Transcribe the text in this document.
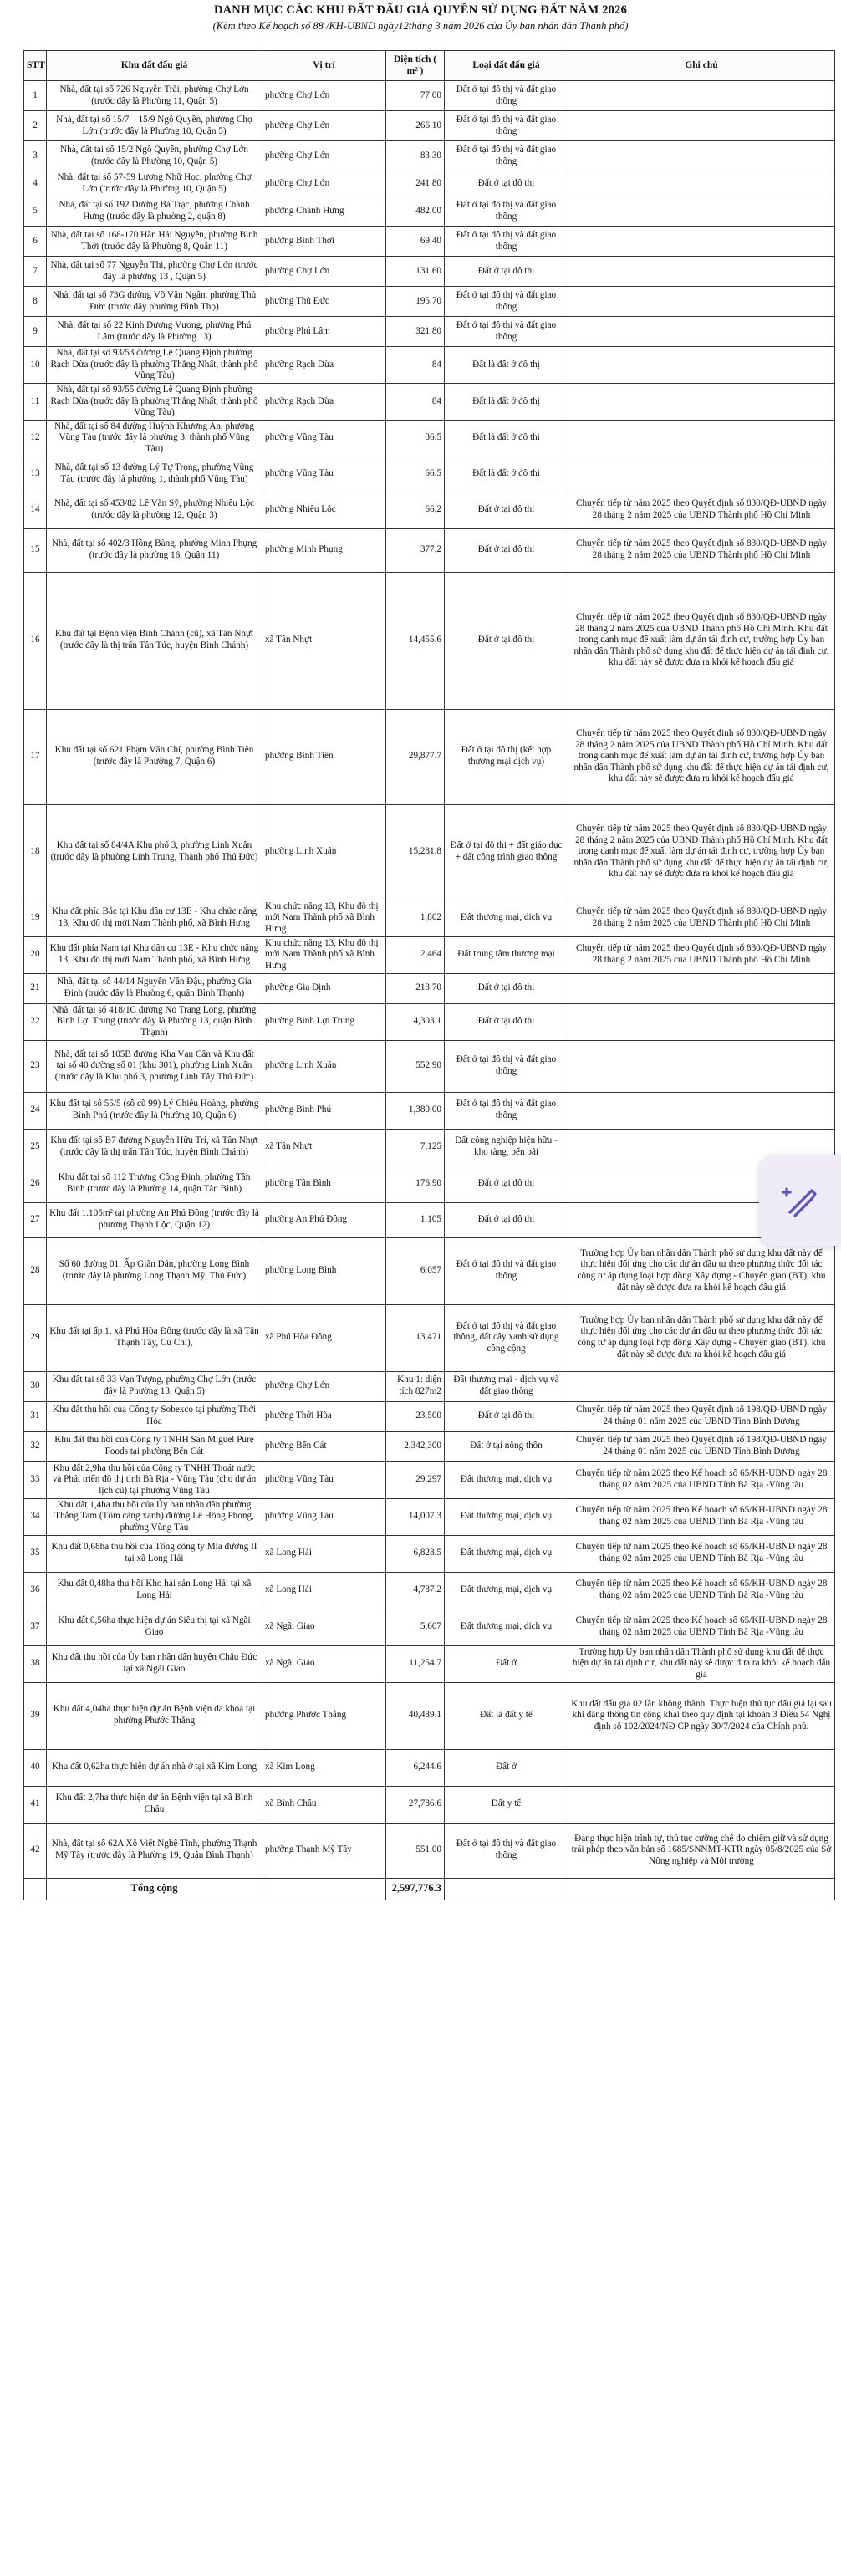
DANH MỤC CÁC KHU ĐẤT ĐẤU GIÁ QUYỀN SỬ DỤNG ĐẤT NĂM 2026
(Kèm theo Kế hoạch số 88 /KH-UBND ngày12tháng 3 năm 2026 của Ủy ban nhân dân Thành phố)
STT	Khu đất đấu giá	Vị trí	Diện tích ( m² )	Loại đất đấu giá	Ghi chú
1	Nhà, đất tại số 726 Nguyễn Trãi, phường Chợ Lớn (trước đây là Phường 11, Quận 5)	phường Chợ Lớn	77.00	Đất ở tại đô thị và đất giao thông	
2	Nhà, đất tại số 15/7 – 15/9 Ngô Quyền, phường Chợ Lớn (trước đây là Phường 10, Quận 5)	phường Chợ Lớn	266.10	Đất ở tại đô thị và đất giao thông	
3	Nhà, đất tại số 15/2 Ngô Quyền, phường Chợ Lớn (trước đây là Phường 10, Quận 5)	phường Chợ Lớn	83.30	Đất ở tại đô thị và đất giao thông	
4	Nhà, đất tại số 57-59 Lương Nhữ Học, phường Chợ Lớn (trước đây là Phường 10, Quận 5)	phường Chợ Lớn	241.80	Đất ở tại đô thị	
5	Nhà, đất tại số 192 Dương Bá Trạc, phường Chánh Hưng (trước đây là phường 2, quận 8)	phường Chánh Hưng	482.00	Đất ở tại đô thị và đất giao thông	
6	Nhà, đất tại số 168-170 Hàn Hải Nguyên, phường Bình Thới (trước đây là Phường 8, Quận 11)	phường Bình Thới	69.40	Đất ở tại đô thị và đất giao thông	
7	Nhà, đất tại số 77 Nguyễn Thi, phường Chợ Lớn (trước đây là phường 13 , Quận 5)	phường Chợ Lớn	131.60	Đất ở tại đô thị	
8	Nhà, đất tại số 73G đường Võ Văn Ngân, phường Thủ Đức (trước đây phường Bình Thọ)	phường Thủ Đức	195.70	Đất ở tại đô thị và đất giao thông	
9	Nhà, đất tại số 22 Kinh Dương Vương, phường Phú Lâm (trước đây là Phường 13)	phường Phú Lâm	321.80	Đất ở tại đô thị và đất giao thông	
10	Nhà, đất tại số 93/53 đường Lê Quang Định phường Rạch Dừa (trước đây là phường Thắng Nhất, thành phố Vũng Tàu)	phường Rạch Dừa	84	Đất là đất ở đô thị	
11	Nhà, đất tại số 93/55 đường Lê Quang Định phường Rạch Dừa (trước đây là phường Thắng Nhất, thành phố Vũng Tàu)	phường Rạch Dừa	84	Đất là đất ở đô thị	
12	Nhà, đất tại số 84 đường Huỳnh Khương An, phường Vũng Tàu (trước đây là phường 3, thành phố Vũng Tàu)	phường Vũng Tàu	86.5	Đất là đất ở đô thị	
13	Nhà, đất tại số 13 đường Lý Tự Trọng, phường Vũng Tàu (trước đây là phường 1, thành phố Vũng Tàu)	phường Vũng Tàu	66.5	Đất là đất ở đô thị	
14	Nhà, đất tại số 453/82 Lê Văn Sỹ, phường Nhiêu Lộc (trước đây là phường 12, Quận 3)	phường Nhiêu Lộc	66,2	Đất ở tại đô thị	Chuyển tiếp từ năm 2025 theo Quyết định số 830/QĐ-UBND ngày 28 tháng 2 năm 2025 của UBND Thành phố Hồ Chí Minh
15	Nhà, đất tại số 402/3 Hồng Bàng, phường Minh Phụng (trước đây là phường 16, Quận 11)	phường Minh Phụng	377,2	Đất ở tại đô thị	Chuyển tiếp từ năm 2025 theo Quyết định số 830/QĐ-UBND ngày 28 tháng 2 năm 2025 của UBND Thành phố Hồ Chí Minh
16	Khu đất tại Bệnh viện Bình Chánh (cũ), xã Tân Nhựt (trước đây là thị trấn Tân Túc, huyện Bình Chánh)	xã Tân Nhựt	14,455.6	Đất ở tại đô thị	Chuyển tiếp từ năm 2025 theo Quyết định số 830/QĐ-UBND ngày 28 tháng 2 năm 2025 của UBND Thành phố Hồ Chí Minh. Khu đất trong danh mục để xuất làm dự án tái định cư, trường hợp Ủy ban nhân dân Thành phố sử dụng khu đất để thực hiện dự án tái định cư, khu đất này sẽ được đưa ra khỏi kế hoạch đấu giá
17	Khu đất tại số 621 Phạm Văn Chí, phường Bình Tiên (trước đây là Phường 7, Quận 6)	phường Bình Tiên	29,877.7	Đất ở tại đô thị (kết hợp thương mại dịch vụ)	Chuyển tiếp từ năm 2025 theo Quyết định số 830/QĐ-UBND ngày 28 tháng 2 năm 2025 của UBND Thành phố Hồ Chí Minh. Khu đất trong danh mục để xuất làm dự án tái định cư, trường hợp Ủy ban nhân dân Thành phố sử dụng khu đất để thực hiện dự án tái định cư, khu đất này sẽ được đưa ra khỏi kế hoạch đấu giá
18	Khu đất tại số 84/4A Khu phố 3, phường Linh Xuân (trước đây là phường Linh Trung, Thành phố Thủ Đức)	phường Linh Xuân	15,281.8	Đất ở tại đô thị + đất giáo dục + đất công trình giao thông	Chuyển tiếp từ năm 2025 theo Quyết định số 830/QĐ-UBND ngày 28 tháng 2 năm 2025 của UBND Thành phố Hồ Chí Minh. Khu đất trong danh mục để xuất làm dự án tái định cư, trường hợp Ủy ban nhân dân Thành phố sử dụng khu đất để thực hiện dự án tái định cư, khu đất này sẽ được đưa ra khỏi kế hoạch đấu giá
19	Khu đất phía Bắc tại Khu dân cư 13E - Khu chức năng 13, Khu đô thị mới Nam Thành phố, xã Bình Hưng	Khu chức năng 13, Khu đô thị mới Nam Thành phố xã Bình Hưng	1,802	Đất thương mại, dịch vụ	Chuyển tiếp từ năm 2025 theo Quyết định số 830/QĐ-UBND ngày 28 tháng 2 năm 2025 của UBND Thành phố Hồ Chí Minh
20	Khu đất phía Nam tại Khu dân cư 13E - Khu chức năng 13, Khu đô thị mới Nam Thành phố, xã Bình Hưng	Khu chức năng 13, Khu đô thị mới Nam Thành phố xã Bình Hưng	2,464	Đất trung tâm thương mại	Chuyển tiếp từ năm 2025 theo Quyết định số 830/QĐ-UBND ngày 28 tháng 2 năm 2025 của UBND Thành phố Hồ Chí Minh
21	Nhà, đất tại số 44/14 Nguyễn Văn Đậu, phường Gia Định (trước đây là Phường 6, quận Bình Thạnh)	phường Gia Định	213.70	Đất ở tại đô thị	
22	Nhà, đất tại số 418/1C đường No Trang Long, phường Bình Lợi Trung (trước đây là Phường 13, quận Bình Thạnh)	phường Bình Lợi Trung	4,303.1	Đất ở tại đô thị	
23	Nhà, đất tại số 105B đường Kha Vạn Cân và Khu đất tại số 40 đường số 01 (khu 301), phường Linh Xuân (trước đây là Khu phố 3, phường Linh Tây Thủ Đức)	phường Linh Xuân	552.90	Đất ở tại đô thị và đất giao thông	
24	Khu đất tại số 55/5 (số cũ 99) Lý Chiêu Hoàng, phường Bình Phú (trước đây là Phường 10, Quận 6)	phường Bình Phú	1,380.00	Đất ở tại đô thị và đất giao thông	
25	Khu đất tại số B7 đường Nguyễn Hữu Trí, xã Tân Nhựt (trước đây là thị trấn Tân Túc, huyện Bình Chánh)	xã Tân Nhựt	7,125	Đất công nghiệp hiện hữu - kho tàng, bến bãi	
26	Khu đất tại số 112 Trương Công Định, phường Tân Bình (trước đây là Phường 14, quận Tân Bình)	phường Tân Bình	176.90	Đất ở tại đô thị	
27	Khu đất 1.105m² tại phường An Phú Đông (trước đây là phường Thạnh Lộc, Quận 12)	phường An Phú Đông	1,105	Đất ở tại đô thị	
28	Số 60 đường 01, Ấp Giãn Dân, phường Long Bình (trước đây là phường Long Thạnh Mỹ, Thủ Đức)	phường Long Bình	6,057	Đất ở tại đô thị và đất giao thông	Trường hợp Ủy ban nhân dân Thành phố sử dụng khu đất này để thực hiện đối ứng cho các dự án đầu tư theo phương thức đối tác công tư áp dụng loại hợp đồng Xây dựng - Chuyển giao (BT), khu đất này sẽ được đưa ra khỏi kế hoạch đấu giá
29	Khu đất tại ấp 1, xã Phú Hòa Đông (trước đây là xã Tân Thạnh Tây, Củ Chi),	xã Phú Hòa Đông	13,471	Đất ở tại đô thị và đất giao thông, đất cây xanh sử dụng công cộng	Trường hợp Ủy ban nhân dân Thành phố sử dụng khu đất này để thực hiện đối ứng cho các dự án đầu tư theo phương thức đối tác công tư áp dụng loại hợp đồng Xây dựng - Chuyển giao (BT), khu đất này sẽ được đưa ra khỏi kế hoạch đấu giá
30	Khu đất tại số 33 Vạn Tượng, phường Chợ Lớn (trước đây là Phường 13, Quận 5)	phường Chợ Lớn	Khu 1: diện tích 827m2	Đất thương mại - dịch vụ và đất giao thông	
31	Khu đất thu hồi của Công ty Sobexco tại phường Thới Hòa	phường Thới Hòa	23,500	Đất ở tại đô thị	Chuyển tiếp từ năm 2025 theo Quyết định số 198/QĐ-UBND ngày 24 tháng 01 năm 2025 của UBND Tỉnh Bình Dương
32	Khu đất thu hồi của Công ty TNHH San Miguel Pure Foods tại phường Bến Cát	phường Bến Cát	2,342,300	Đất ở tại nông thôn	Chuyển tiếp từ năm 2025 theo Quyết định số 198/QĐ-UBND ngày 24 tháng 01 năm 2025 của UBND Tỉnh Bình Dương
33	Khu đất 2,9ha thu hồi của Công ty TNHH Thoát nước và Phát triển đô thị tỉnh Bà Rịa - Vũng Tàu (cho dự án lịch cũ) tại phường Vũng Tàu	phường Vũng Tàu	29,297	Đất thương mại, dịch vụ	Chuyển tiếp từ năm 2025 theo Kế hoạch số 65/KH-UBND ngày 28 tháng 02 năm 2025 của UBND Tỉnh Bà Rịa -Vũng tàu
34	Khu đất 1,4ha thu hồi của Ủy ban nhân dân phường Thắng Tam (Tôm càng xanh) đường Lê Hồng Phong, phường Vũng Tàu	phường Vũng Tàu	14,007.3	Đất thương mại, dịch vụ	Chuyển tiếp từ năm 2025 theo Kế hoạch số 65/KH-UBND ngày 28 tháng 02 năm 2025 của UBND Tỉnh Bà Rịa -Vũng tàu
35	Khu đất 0,68ha thu hồi của Tổng công ty Mía đường II tại xã Long Hải	xã Long Hải	6,828.5	Đất thương mại, dịch vụ	Chuyển tiếp từ năm 2025 theo Kế hoạch số 65/KH-UBND ngày 28 tháng 02 năm 2025 của UBND Tỉnh Bà Rịa -Vũng tàu
36	Khu đất 0,48ha thu hồi Kho hải sản Long Hải tại xã Long Hải	xã Long Hải	4,787.2	Đất thương mại, dịch vụ	Chuyển tiếp từ năm 2025 theo Kế hoạch số 65/KH-UBND ngày 28 tháng 02 năm 2025 của UBND Tỉnh Bà Rịa -Vũng tàu
37	Khu đất 0,56ha thực hiện dự án Siêu thị tại xã Ngãi Giao	xã Ngãi Giao	5,607	Đất thương mại, dịch vụ	Chuyển tiếp từ năm 2025 theo Kế hoạch số 65/KH-UBND ngày 28 tháng 02 năm 2025 của UBND Tỉnh Bà Rịa -Vũng tàu
38	Khu đất thu hồi của Ủy ban nhân dân huyện Châu Đức tại xã Ngãi Giao	xã Ngãi Giao	11,254.7	Đất ở	Trường hợp Ủy ban nhân dân Thành phố sử dụng khu đất để thực hiện dự án tái định cư, khu đất này sẽ được đưa ra khỏi kế hoạch đấu giá
39	Khu đất 4,04ha thực hiện dự án Bệnh viện đa khoa tại phường Phước Thắng	phường Phước Thắng	40,439.1	Đất là đất y tế	Khu đất đấu giá 02 lần không thành. Thực hiện thủ tục đấu giá lại sau khi đăng thông tin công khai theo quy định tại khoản 3 Điều 54 Nghị định số 102/2024/NĐ CP ngày 30/7/2024 của Chính phủ.
40	Khu đất 0,62ha thực hiện dự án nhà ở tại xã Kim Long	xã Kim Long	6,244.6	Đất ở	
41	Khu đất 2,7ha thực hiện dự án Bệnh viện tại xã Bình Châu	xã Bình Châu	27,786.6	Đất y tế	
42	Nhà, đất tại số 62A Xô Viết Nghệ Tĩnh, phường Thạnh Mỹ Tây (trước đây là Phường 19, Quận Bình Thạnh)	phường Thạnh Mỹ Tây	551.00	Đất ở tại đô thị và đất giao thông	Đang thực hiện trình tự, thủ tục cưỡng chế do chiếm giữ và sử dụng trái phép theo văn bản số 1685/SNNMT-KTR ngày 05/8/2025 của Sở Nông nghiệp và Môi trường
	Tổng cộng		2,597,776.3		
